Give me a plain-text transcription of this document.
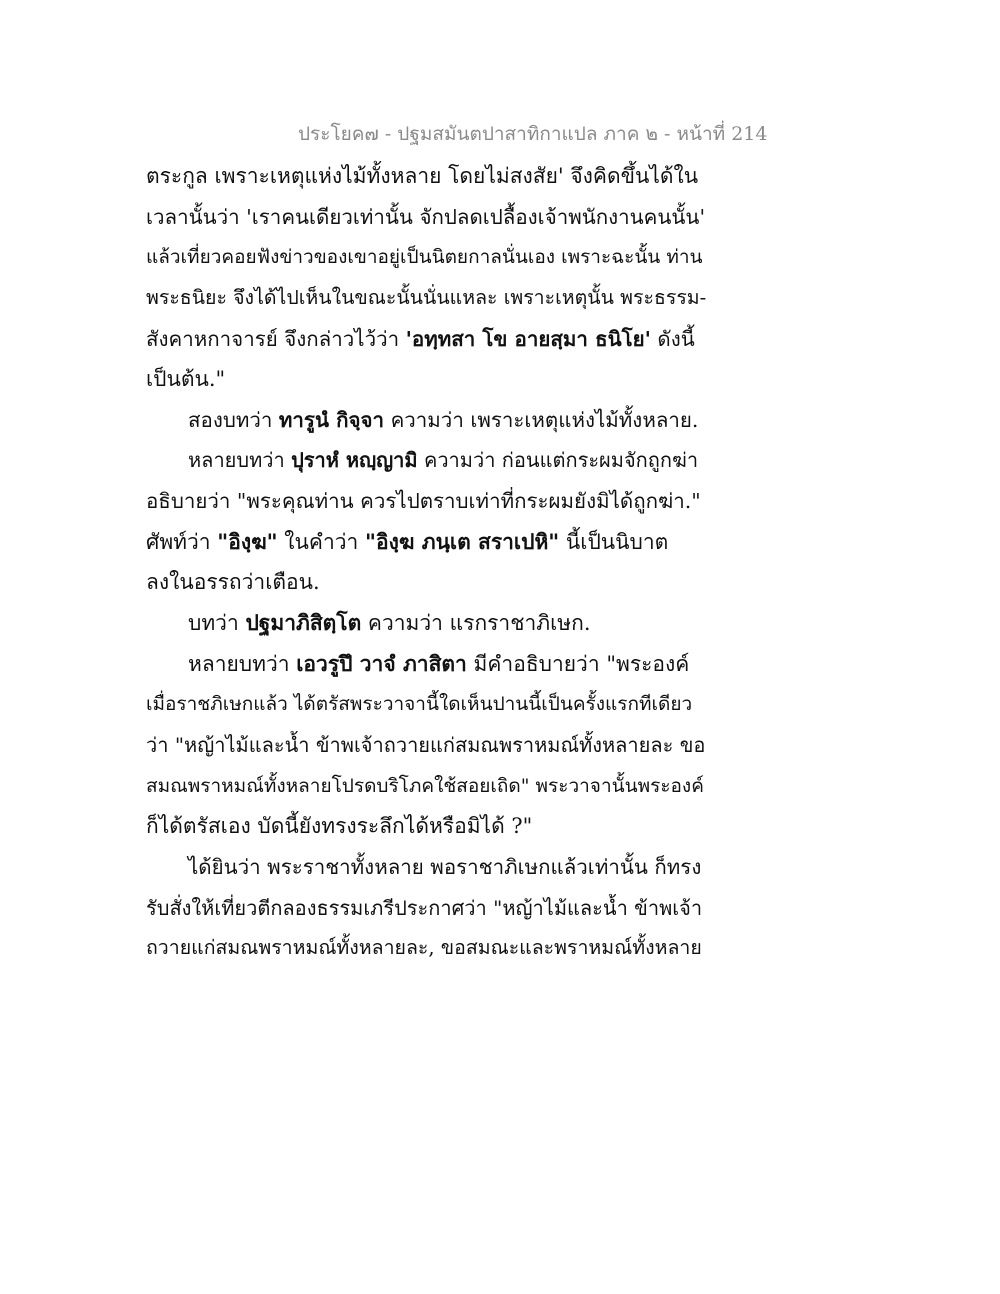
ประโยค๗ - ปฐมสมันตปาสาทิกาแปล ภาค ๒ - หน้าที่ 214
ตระกูล เพราะเหตุแห่งไม้ทั้งหลาย โดยไม่สงสัย' จึงคิดขึ้นได้ใน
เวลานั้นว่า 'เราคนเดียวเท่านั้น จักปลดเปลื้องเจ้าพนักงานคนนั้น'
แล้วเที่ยวคอยฟังข่าวของเขาอยู่เป็นนิตยกาลนั่นเอง เพราะฉะนั้น ท่าน
พระธนิยะ จึงได้ไปเห็นในขณะนั้นนั่นแหละ เพราะเหตุนั้น พระธรรม-
สังคาหกาจารย์ จึงกล่าวไว้ว่า 'อทฺทสา โข อายสฺมา ธนิโย' ดังนี้
เป็นต้น."
สองบทว่า ทารูนํ กิจฺจา ความว่า เพราะเหตุแห่งไม้ทั้งหลาย.
หลายบทว่า ปุราหํ หญฺญามิ ความว่า ก่อนแต่กระผมจักถูกฆ่า
อธิบายว่า "พระคุณท่าน ควรไปตราบเท่าที่กระผมยังมิได้ถูกฆ่า."
ศัพท์ว่า "อิงฺฆ" ในคำว่า "อิงฺฆ ภนฺเต สราเปหิ" นี้เป็นนิบาต
ลงในอรรถว่าเตือน.
บทว่า ปฐมาภิสิตฺโต ความว่า แรกราชาภิเษก.
หลายบทว่า เอวรูปึ วาจํ ภาสิตา มีคำอธิบายว่า "พระองค์
เมื่อราชภิเษกแล้ว ได้ตรัสพระวาจานี้ใดเห็นปานนี้เป็นครั้งแรกทีเดียว
ว่า "หญ้าไม้และน้ำ ข้าพเจ้าถวายแก่สมณพราหมณ์ทั้งหลายละ ขอ
สมณพราหมณ์ทั้งหลายโปรดบริโภคใช้สอยเถิด" พระวาจานั้นพระองค์
ก็ได้ตรัสเอง บัดนี้ยังทรงระลึกได้หรือมิได้ ?"
ได้ยินว่า พระราชาทั้งหลาย พอราชาภิเษกแล้วเท่านั้น ก็ทรง
รับสั่งให้เที่ยวตีกลองธรรมเภรีประกาศว่า "หญ้าไม้และน้ำ ข้าพเจ้า
ถวายแก่สมณพราหมณ์ทั้งหลายละ, ขอสมณะและพราหมณ์ทั้งหลาย
